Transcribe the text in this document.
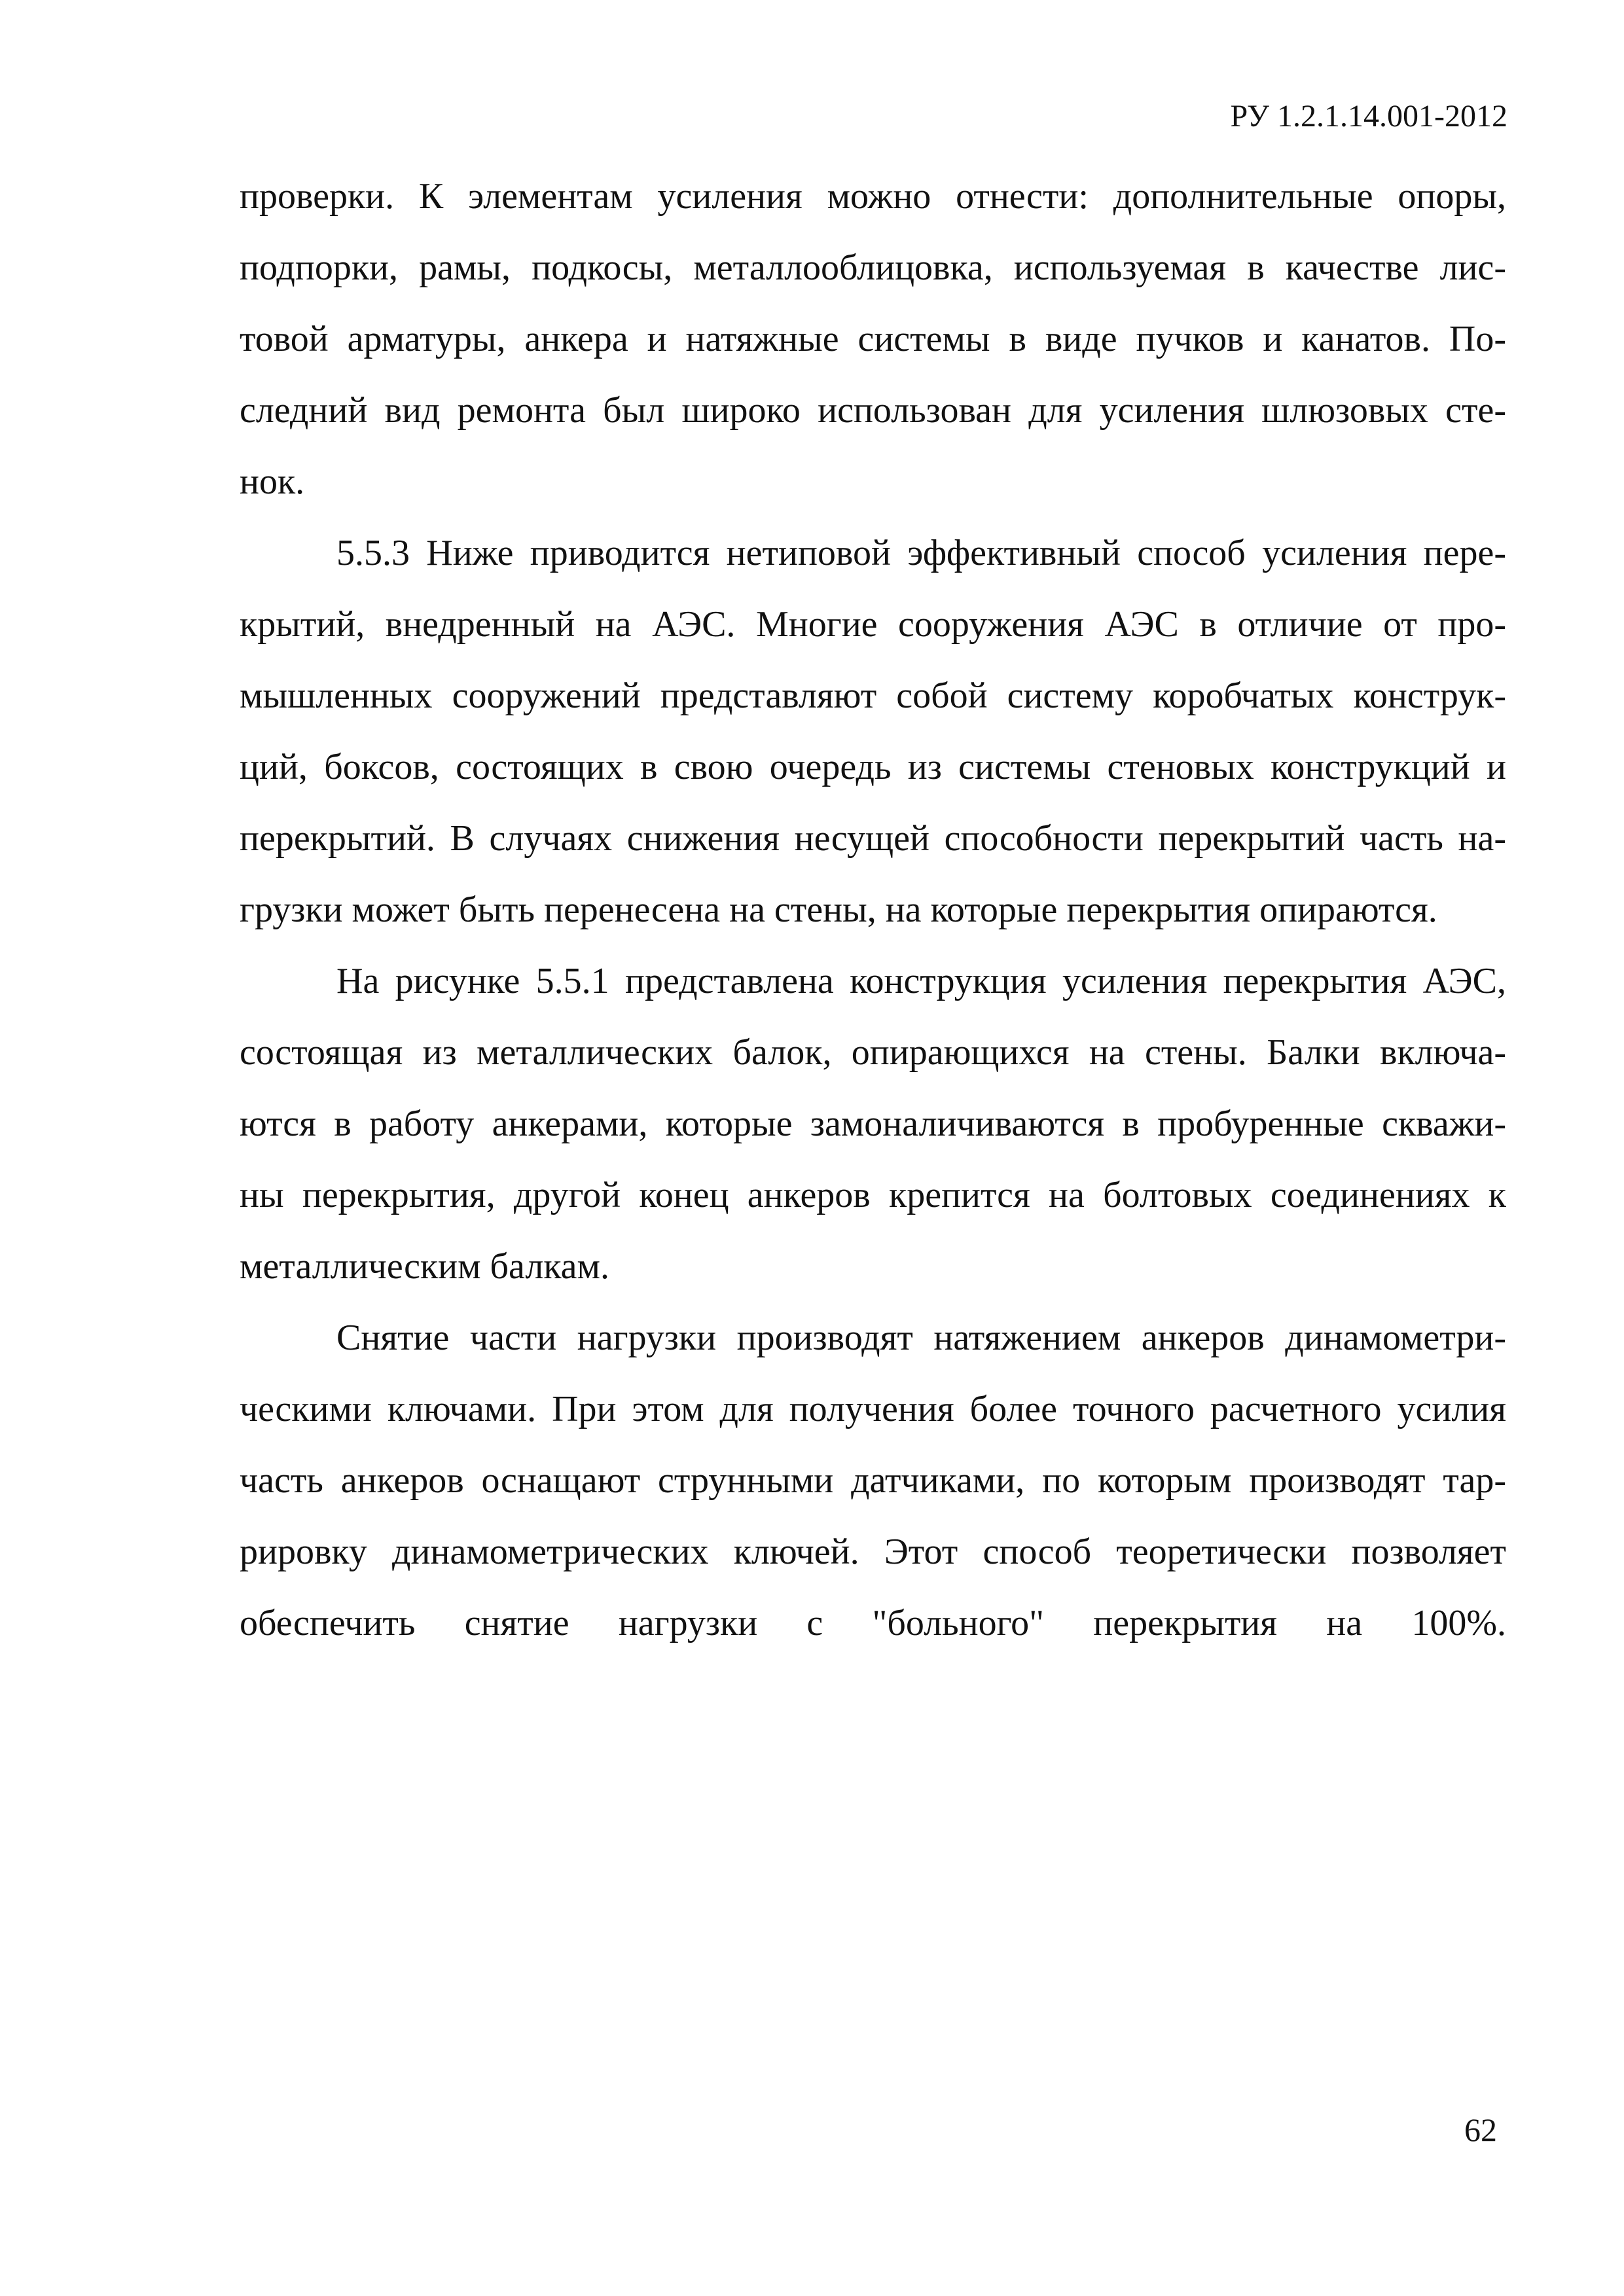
РУ 1.2.1.14.001-2012

проверки. К элементам усиления можно отнести: дополнительные опоры,
подпорки, рамы, подкосы, металлооблицовка, используемая в качестве лис-
товой арматуры, анкера и натяжные системы в виде пучков и канатов. По-
следний вид ремонта был широко использован для усиления шлюзовых сте-
нок.

5.5.3 Ниже приводится нетиповой эффективный способ усиления пере-
крытий, внедренный на АЭС. Многие сооружения АЭС в отличие от про-
мышленных сооружений представляют собой систему коробчатых конструк-
ций, боксов, состоящих в свою очередь из системы стеновых конструкций и
перекрытий. В случаях снижения несущей способности перекрытий часть на-
грузки может быть перенесена на стены, на которые перекрытия опираются.

На рисунке 5.5.1 представлена конструкция усиления перекрытия АЭС,
состоящая из металлических балок, опирающихся на стены. Балки включа-
ются в работу анкерами, которые замоналичиваются в пробуренные скважи-
ны перекрытия, другой конец анкеров крепится на болтовых соединениях к
металлическим балкам.

Снятие части нагрузки производят натяжением анкеров динамометри-
ческими ключами. При этом для получения более точного расчетного усилия
часть анкеров оснащают струнными датчиками, по которым производят тар-
рировку динамометрических ключей. Этот способ теоретически позволяет
обеспечить снятие нагрузки с "больного" перекрытия на 100%.

62
